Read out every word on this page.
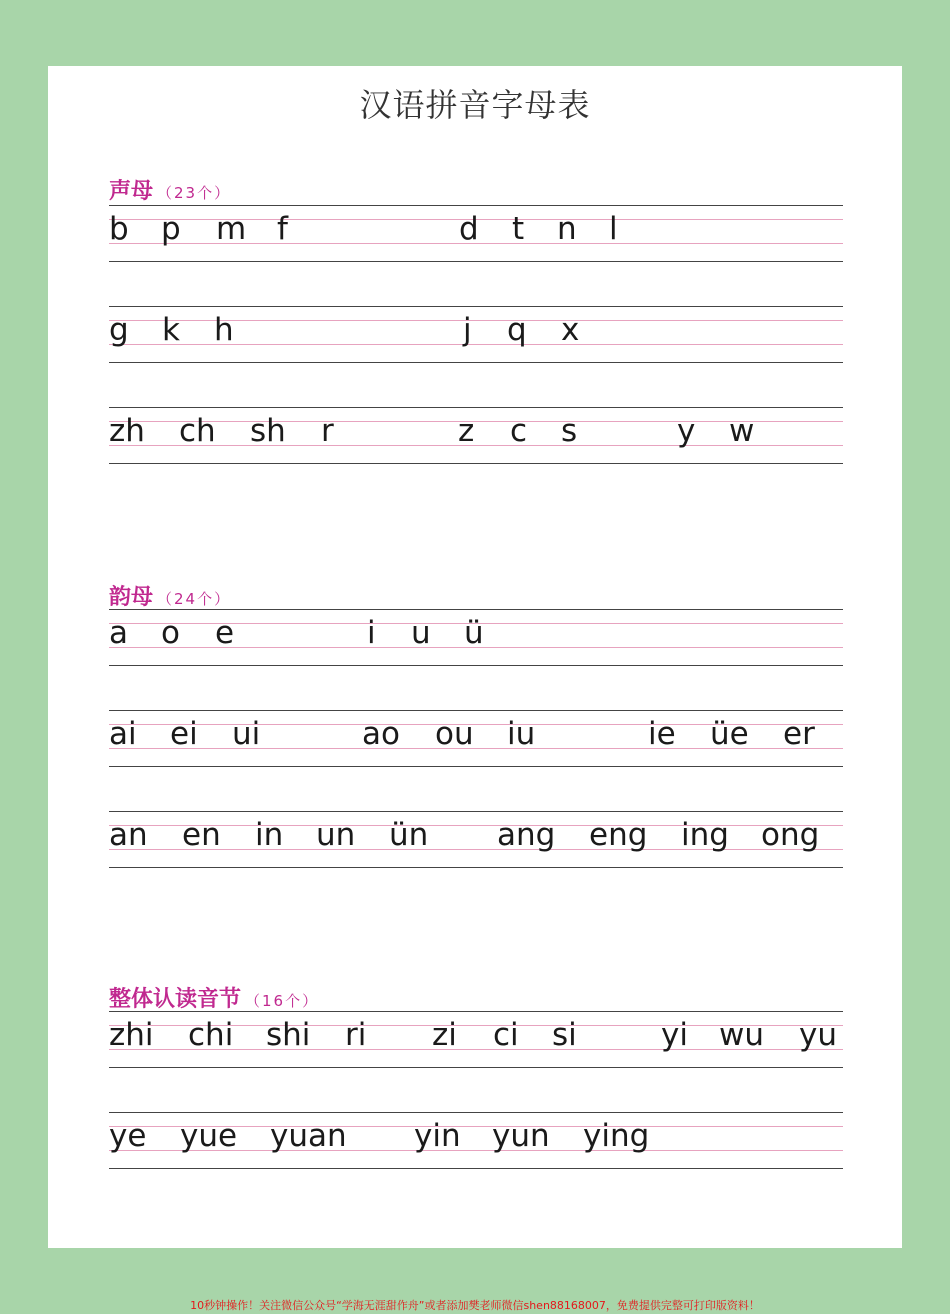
汉语拼音字母表
声母 （23个）
b p m f	d t n l
g k h	j q x
zh ch sh r	z c s	y w
韵母 （24个）
a o e	i u ü
ai ei ui	ao ou iu	ie üe er
an en in un ün ang eng ing ong
整体认读音节 （16个）
zhi chi shi ri zi ci si	yi wu yu
ye yue yuan yin yun ying
10秒钟操作！关注微信公众号“学海无涯甜作舟”或者添加樊老师微信shen88168007，免费提供完整可打印版资料！
